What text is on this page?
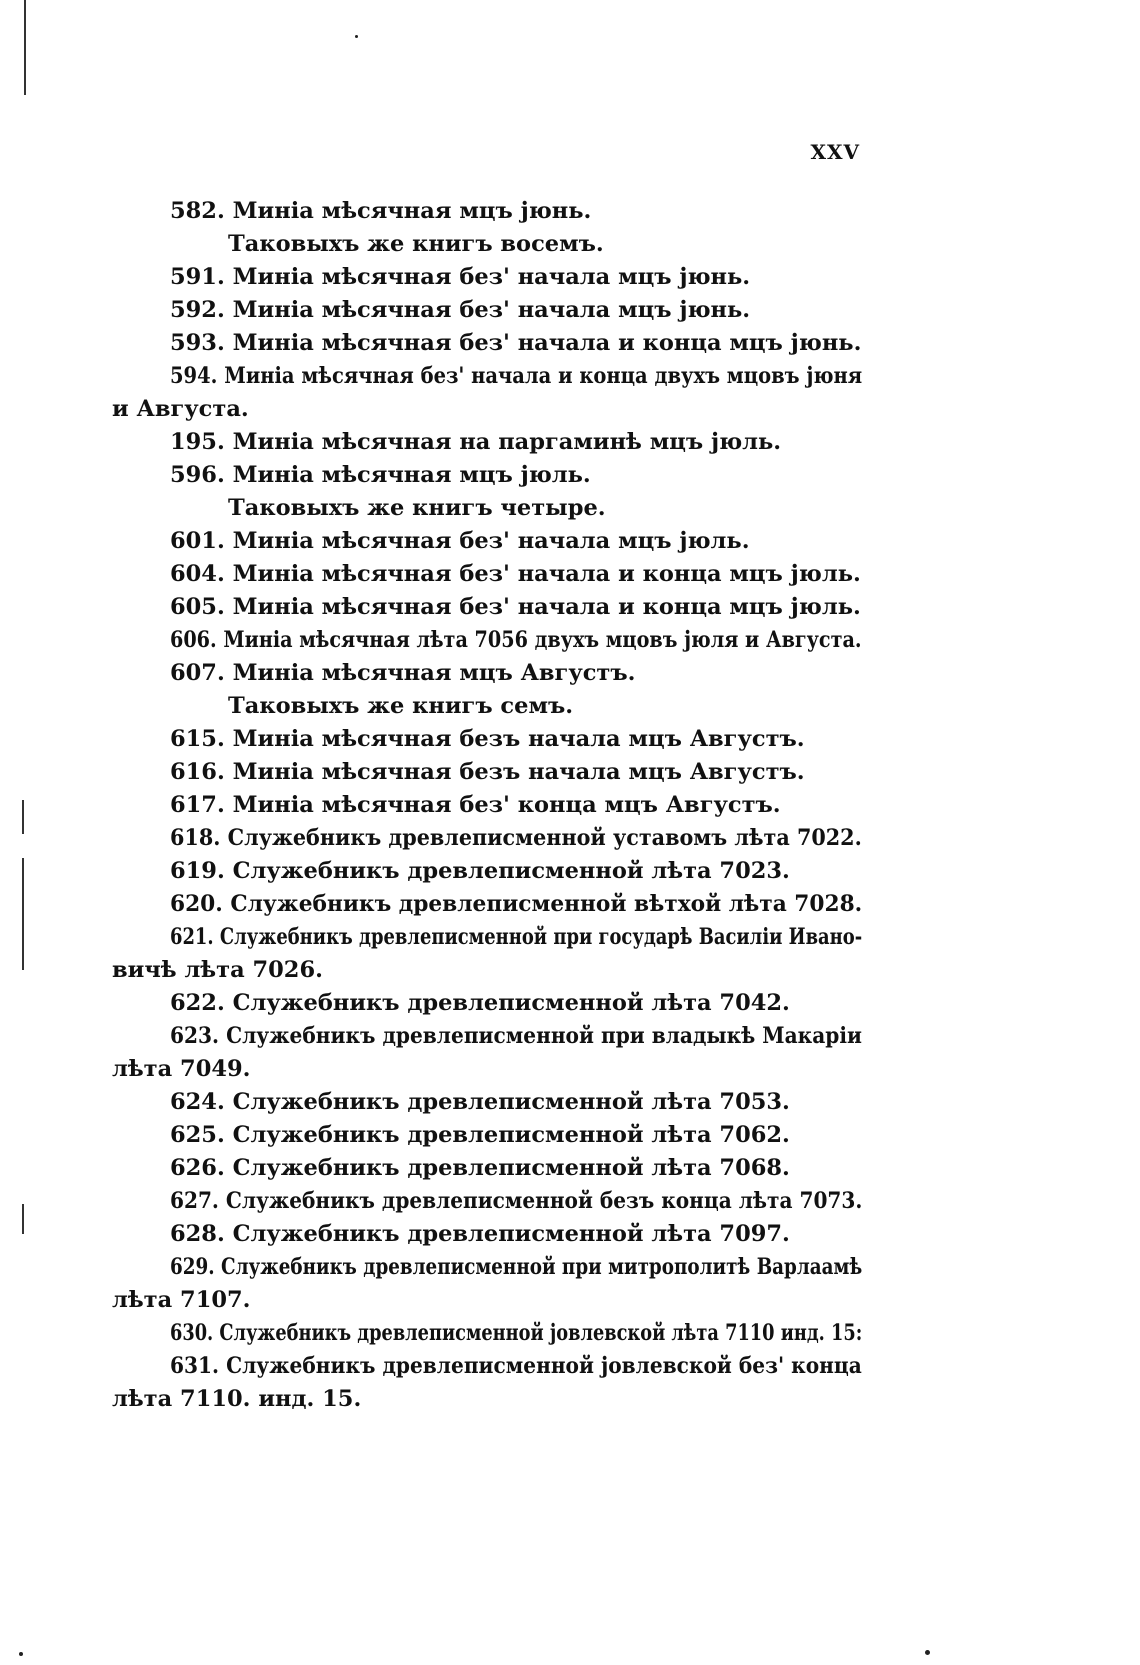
XXV
582. Миніа мѣсячная мцъ јюнь.
Таковыхъ же книгъ восемъ.
591. Миніа мѣсячная без' начала мцъ јюнь.
592. Миніа мѣсячная без' начала мцъ јюнь.
593. Миніа мѣсячная без' начала и конца мцъ јюнь.
594. Миніа мѣсячная без' начала и конца двухъ мцовъ јюня
и Августа.
195. Миніа мѣсячная на паргаминѣ мцъ јюль.
596. Миніа мѣсячная мцъ јюль.
Таковыхъ же книгъ четыре.
601. Миніа мѣсячная без' начала мцъ јюль.
604. Миніа мѣсячная без' начала и конца мцъ јюль.
605. Миніа мѣсячная без' начала и конца мцъ јюль.
606. Миніа мѣсячная лѣта 7056 двухъ мцовъ јюля и Августа.
607. Миніа мѣсячная мцъ Августъ.
Таковыхъ же книгъ семъ.
615. Миніа мѣсячная безъ начала мцъ Августъ.
616. Миніа мѣсячная безъ начала мцъ Августъ.
617. Миніа мѣсячная без' конца мцъ Августъ.
618. Служебникъ древлеписменной уставомъ лѣта 7022.
619. Служебникъ древлеписменной лѣта 7023.
620. Служебникъ древлеписменной вѣтхой лѣта 7028.
621. Служебникъ древлеписменной при государѣ Василіи Ивано-
вичѣ лѣта 7026.
622. Служебникъ древлеписменной лѣта 7042.
623. Служебникъ древлеписменной при владыкѣ Макаріи
лѣта 7049.
624. Служебникъ древлеписменной лѣта 7053.
625. Служебникъ древлеписменной лѣта 7062.
626. Служебникъ древлеписменной лѣта 7068.
627. Служебникъ древлеписменной безъ конца лѣта 7073.
628. Служебникъ древлеписменной лѣта 7097.
629. Служебникъ древлеписменной при митрополитѣ Варлаамѣ
лѣта 7107.
630. Служебникъ древлеписменной јовлевской лѣта 7110 инд. 15:
631. Служебникъ древлеписменной јовлевской без' конца
лѣта 7110. инд. 15.
